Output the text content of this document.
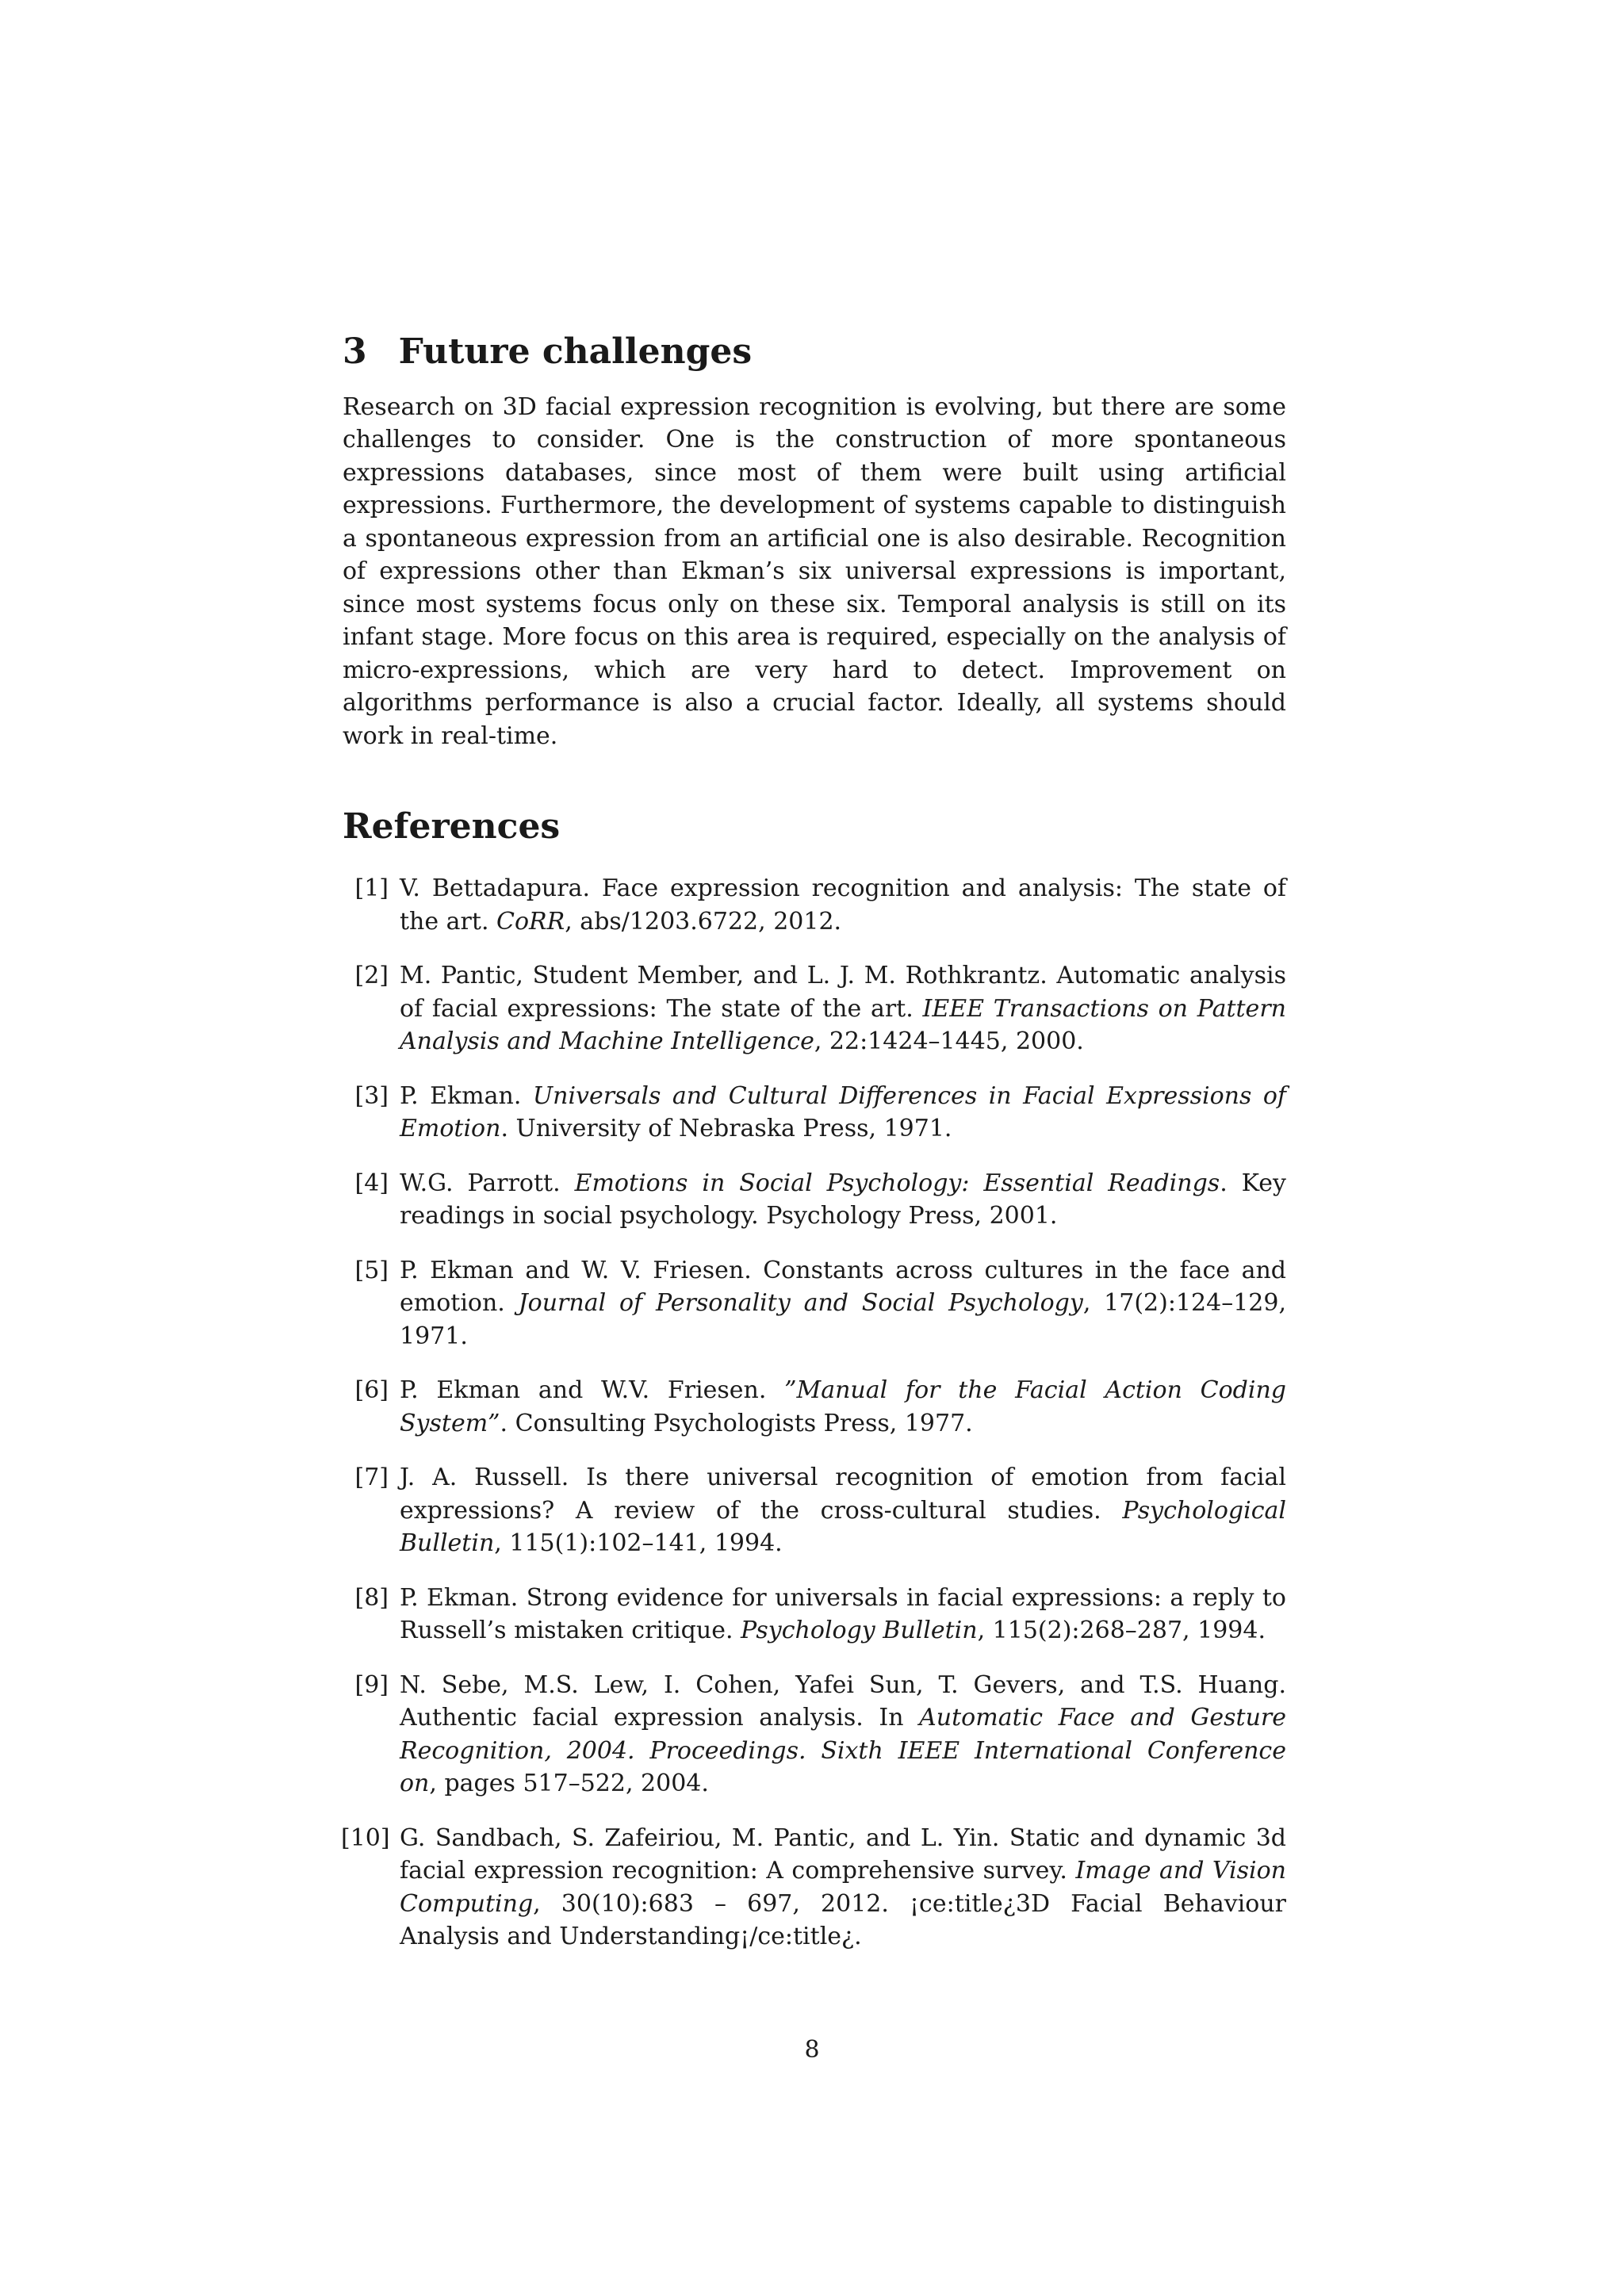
3 Future challenges

Research on 3D facial expression recognition is evolving, but there are some challenges to consider. One is the construction of more spontaneous expressions databases, since most of them were built using artificial expressions. Furthermore, the development of systems capable to distinguish a spontaneous expression from an artificial one is also desirable. Recognition of expressions other than Ekman’s six universal expressions is important, since most systems focus only on these six. Temporal analysis is still on its infant stage. More focus on this area is required, especially on the analysis of micro-expressions, which are very hard to detect. Improvement on algorithms performance is also a crucial factor. Ideally, all systems should work in real-time.

References
[1] V. Bettadapura. Face expression recognition and analysis: The state of the art. CoRR, abs/1203.6722, 2012.
[2] M. Pantic, Student Member, and L. J. M. Rothkrantz. Automatic analysis of facial expressions: The state of the art. IEEE Transactions on Pattern Analysis and Machine Intelligence, 22:1424–1445, 2000.
[3] P. Ekman. Universals and Cultural Differences in Facial Expressions of Emotion. University of Nebraska Press, 1971.
[4] W.G. Parrott. Emotions in Social Psychology: Essential Readings. Key readings in social psychology. Psychology Press, 2001.
[5] P. Ekman and W. V. Friesen. Constants across cultures in the face and emotion. Journal of Personality and Social Psychology, 17(2):124–129, 1971.
[6] P. Ekman and W.V. Friesen. ”Manual for the Facial Action Coding System”. Consulting Psychologists Press, 1977.
[7] J. A. Russell. Is there universal recognition of emotion from facial expressions? A review of the cross-cultural studies. Psychological Bulletin, 115(1):102–141, 1994.
[8] P. Ekman. Strong evidence for universals in facial expressions: a reply to Russell’s mistaken critique. Psychology Bulletin, 115(2):268–287, 1994.
[9] N. Sebe, M.S. Lew, I. Cohen, Yafei Sun, T. Gevers, and T.S. Huang. Authentic facial expression analysis. In Automatic Face and Gesture Recognition, 2004. Proceedings. Sixth IEEE International Conference on, pages 517–522, 2004.
[10] G. Sandbach, S. Zafeiriou, M. Pantic, and L. Yin. Static and dynamic 3d facial expression recognition: A comprehensive survey. Image and Vision Computing, 30(10):683 – 697, 2012. ¡ce:title¿3D Facial Behaviour Analysis and Understanding¡/ce:title¿.
8
